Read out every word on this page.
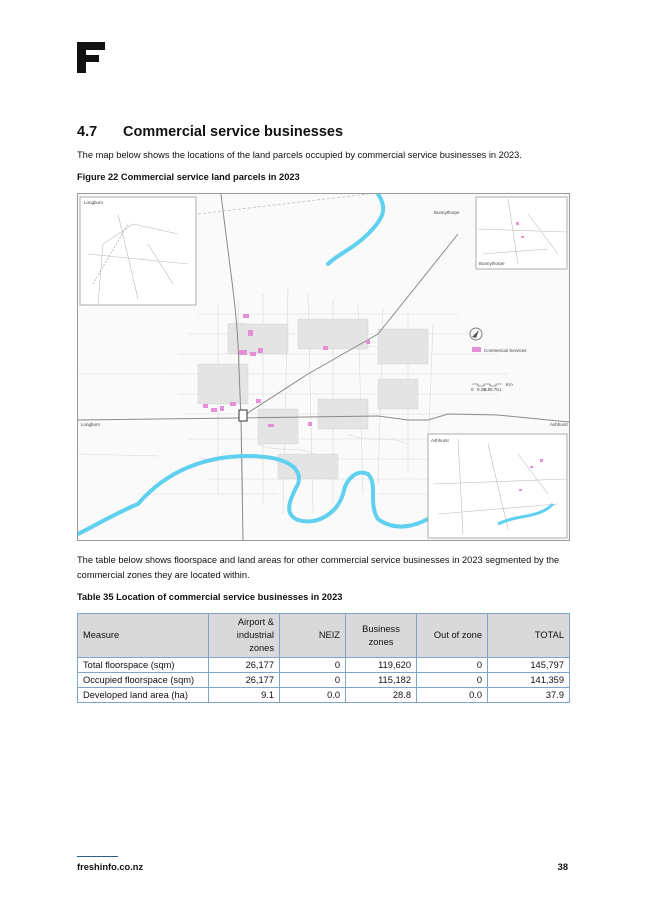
4.7 Commercial service businesses
The map below shows the locations of the land parcels occupied by commercial service businesses in 2023.
Figure 22 Commercial service land parcels in 2023
Commercial Services
0 0.25
0.5 0.75 1
Km
Longburn
Bunnythorpe
Ashhurst
Bunnythorpe
Ashhurst
Longburn
The table below shows floorspace and land areas for other commercial service businesses in 2023 segmented by the commercial zones they are located within.
Table 35 Location of commercial service businesses in 2023
Measure	Airport & industrial zones	NEIZ	Business zones	Out of zone	TOTAL
Total floorspace (sqm)	26,177	0	119,620	0	145,797
Occupied floorspace (sqm)	26,177	0	115,182	0	141,359
Developed land area (ha)	9.1	0.0	28.8	0.0	37.9
freshinfo.co.nz	38
